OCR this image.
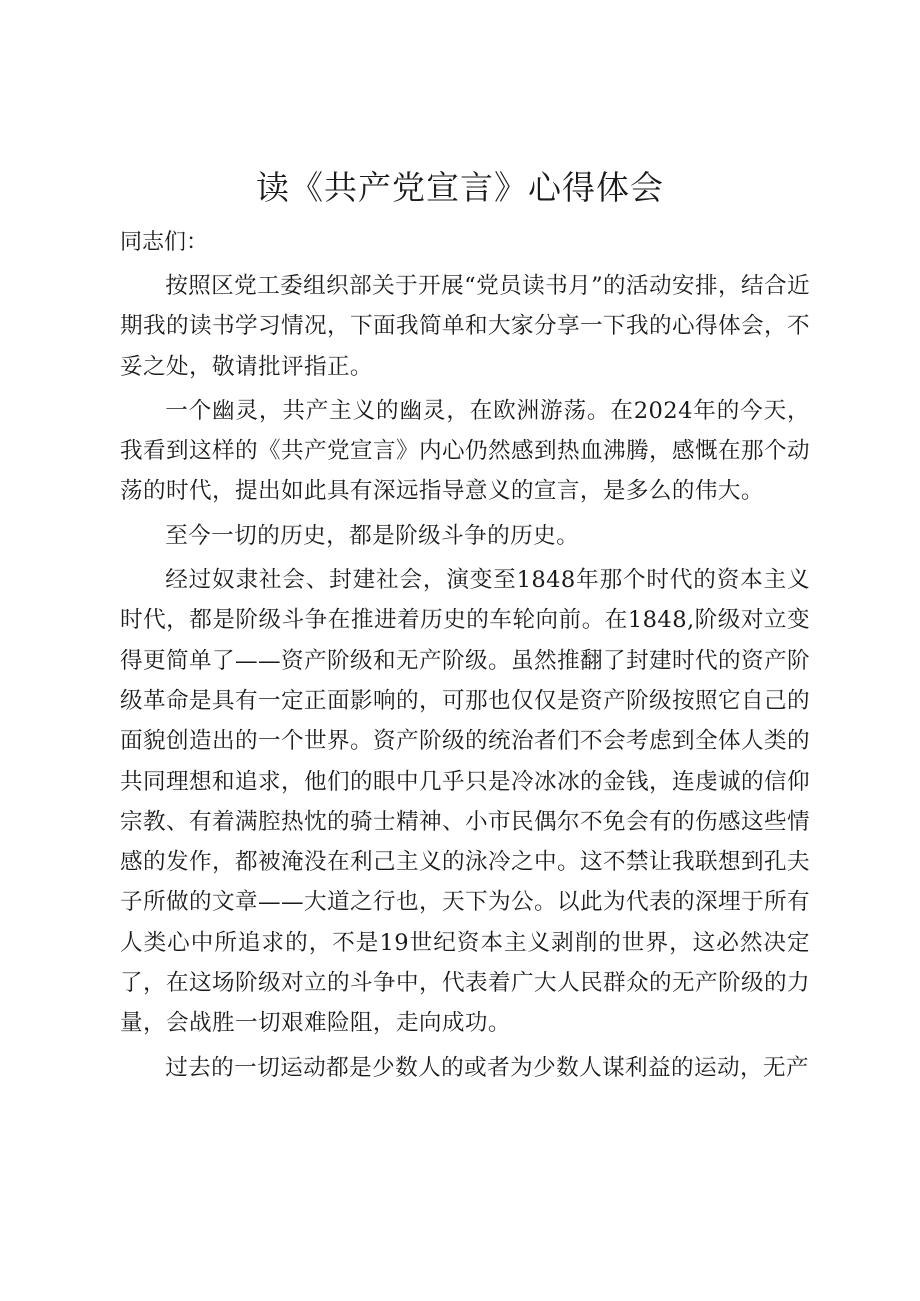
读《共产党宣言》心得体会

同志们：

按照区党工委组织部关于开展“党员读书月”的活动安排，结合近期我的读书学习情况，下面我简单和大家分享一下我的心得体会，不妥之处，敬请批评指正。

一个幽灵，共产主义的幽灵，在欧洲游荡。在2024年的今天，我看到这样的《共产党宣言》内心仍然感到热血沸腾，感慨在那个动荡的时代，提出如此具有深远指导意义的宣言，是多么的伟大。

至今一切的历史，都是阶级斗争的历史。

经过奴隶社会、封建社会，演变至1848年那个时代的资本主义时代，都是阶级斗争在推进着历史的车轮向前。在1848,阶级对立变得更简单了——资产阶级和无产阶级。虽然推翻了封建时代的资产阶级革命是具有一定正面影响的，可那也仅仅是资产阶级按照它自己的面貌创造出的一个世界。资产阶级的统治者们不会考虑到全体人类的共同理想和追求，他们的眼中几乎只是冷冰冰的金钱，连虔诚的信仰宗教、有着满腔热忱的骑士精神、小市民偶尔不免会有的伤感这些情感的发作，都被淹没在利己主义的泳冷之中。这不禁让我联想到孔夫子所做的文章——大道之行也，天下为公。以此为代表的深埋于所有人类心中所追求的，不是19世纪资本主义剥削的世界，这必然决定了，在这场阶级对立的斗争中，代表着广大人民群众的无产阶级的力量，会战胜一切艰难险阻，走向成功。

过去的一切运动都是少数人的或者为少数人谋利益的运动，无产
